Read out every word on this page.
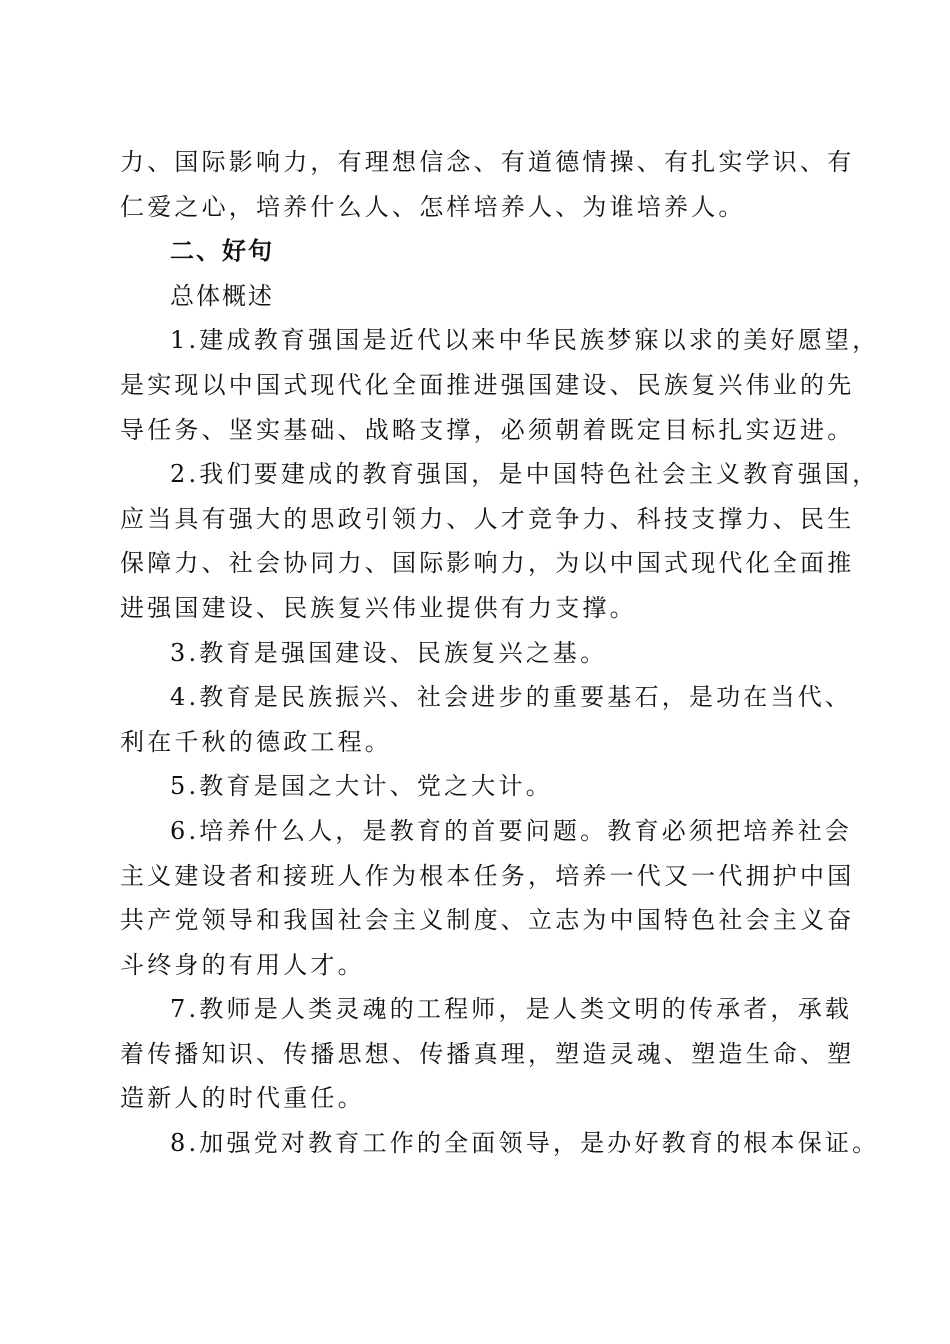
力、国际影响力，有理想信念、有道德情操、有扎实学识、有
仁爱之心，培养什么人、怎样培养人、为谁培养人。
二、好句
总体概述
1.建成教育强国是近代以来中华民族梦寐以求的美好愿望，
是实现以中国式现代化全面推进强国建设、民族复兴伟业的先
导任务、坚实基础、战略支撑，必须朝着既定目标扎实迈进。
2.我们要建成的教育强国，是中国特色社会主义教育强国，
应当具有强大的思政引领力、人才竞争力、科技支撑力、民生
保障力、社会协同力、国际影响力，为以中国式现代化全面推
进强国建设、民族复兴伟业提供有力支撑。
3.教育是强国建设、民族复兴之基。
4.教育是民族振兴、社会进步的重要基石，是功在当代、
利在千秋的德政工程。
5.教育是国之大计、党之大计。
6.培养什么人，是教育的首要问题。教育必须把培养社会
主义建设者和接班人作为根本任务，培养一代又一代拥护中国
共产党领导和我国社会主义制度、立志为中国特色社会主义奋
斗终身的有用人才。
7.教师是人类灵魂的工程师，是人类文明的传承者，承载
着传播知识、传播思想、传播真理，塑造灵魂、塑造生命、塑
造新人的时代重任。
8.加强党对教育工作的全面领导，是办好教育的根本保证。
